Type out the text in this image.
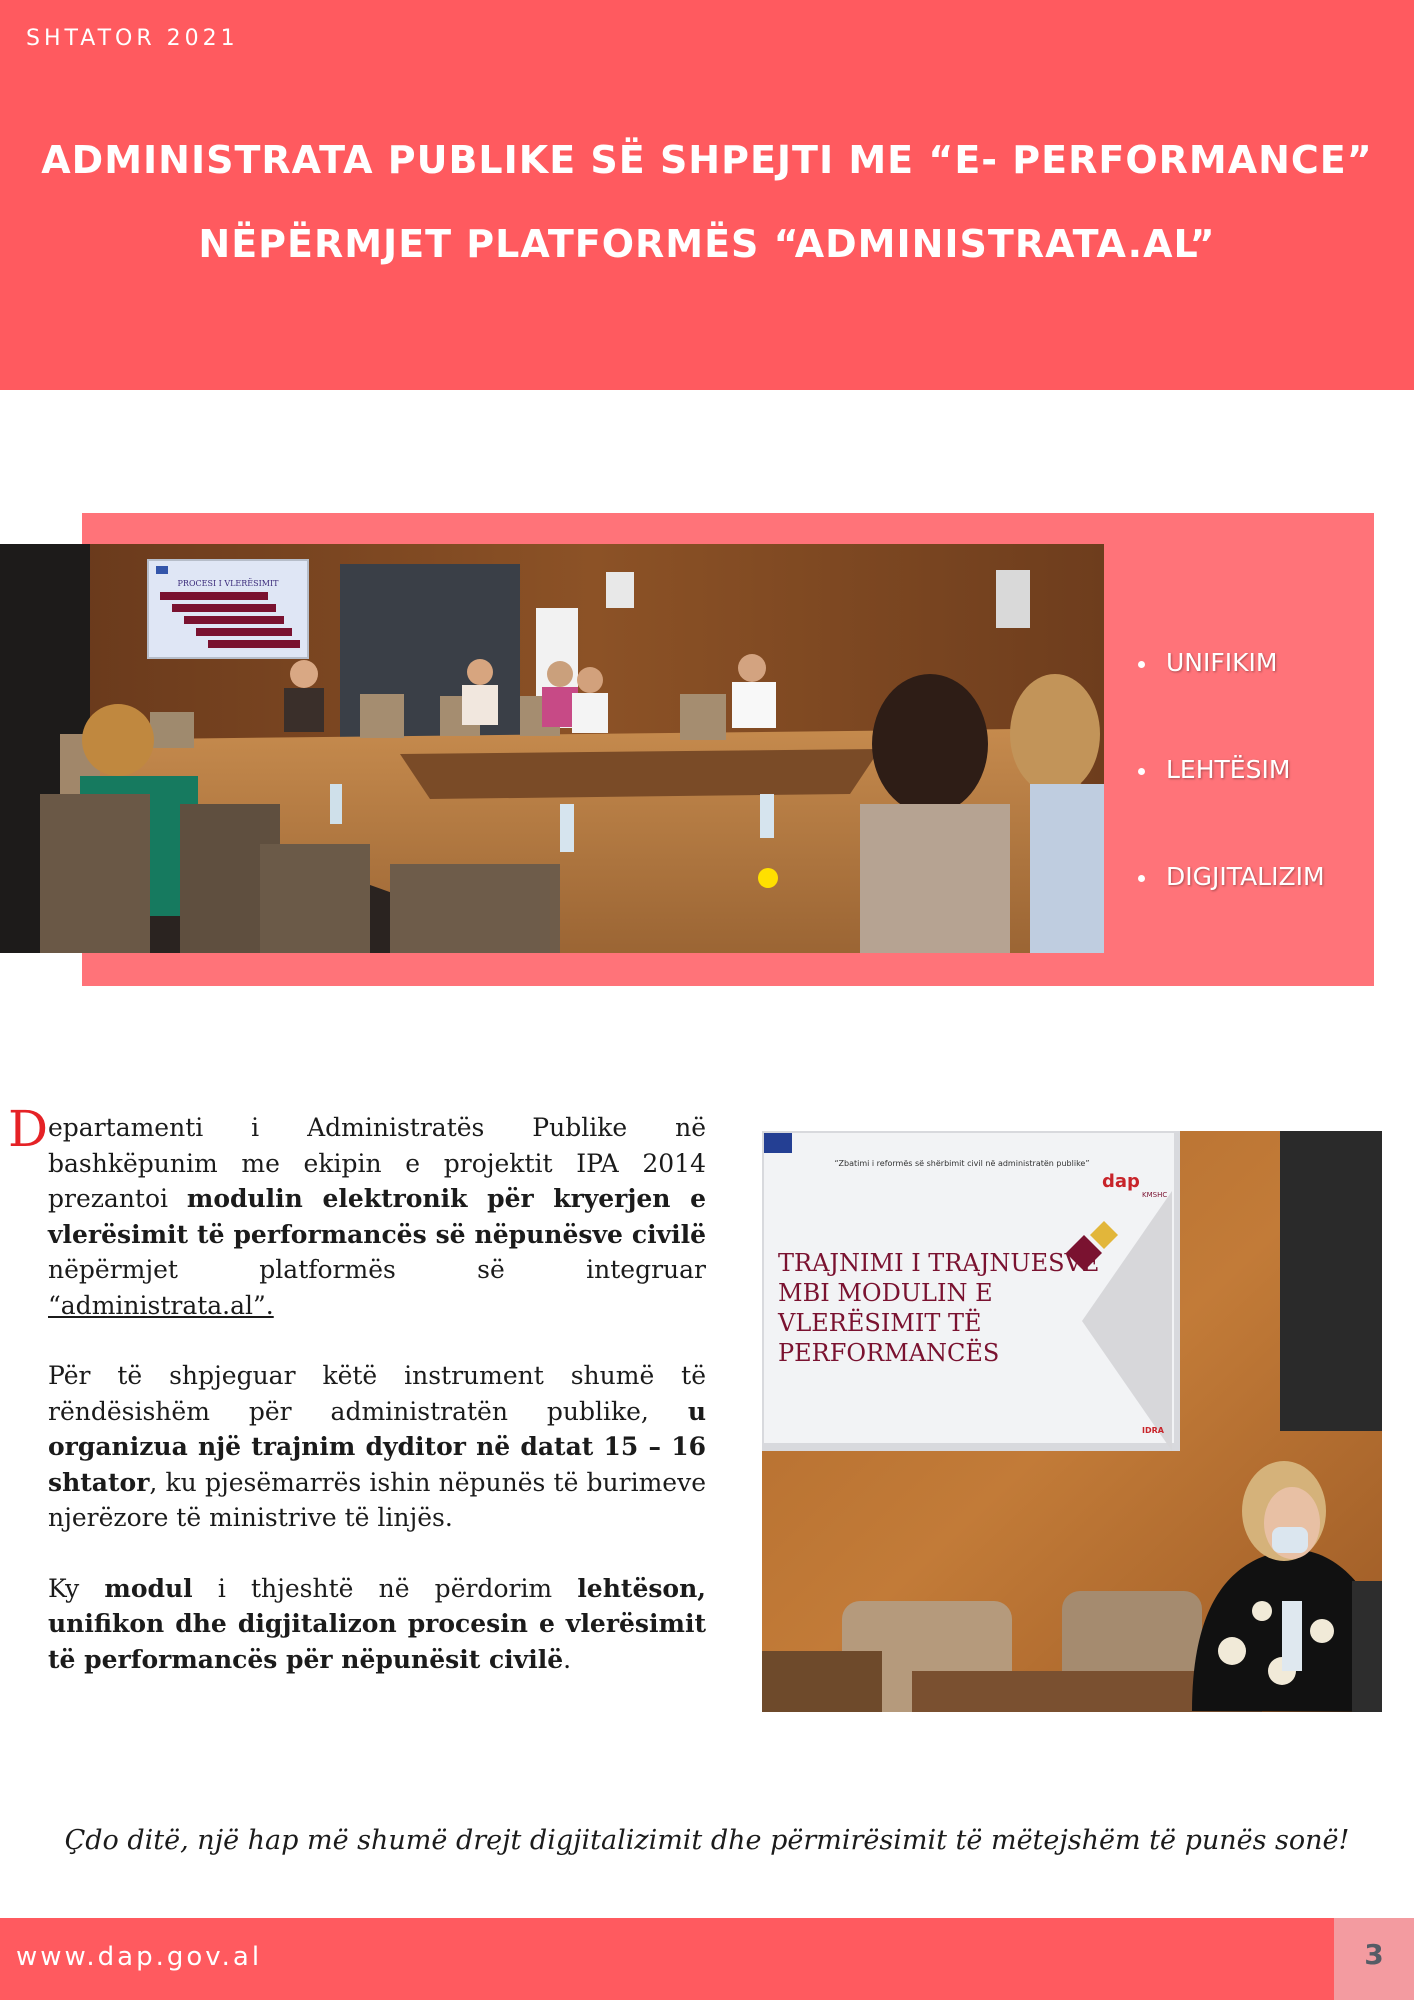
SHTATOR 2021
ADMINISTRATA PUBLIKE SË SHPEJTI ME “E- PERFORMANCE”
NËPËRMJET PLATFORMËS “ADMINISTRATA.AL”
PROCESI I VLERËSIMIT
UNIFIKIM
LEHTËSIM
DIGJITALIZIM

D epartamenti i Administratës Publike në bashkëpunim me ekipin e projektit IPA 2014 prezantoi modulin elektronik për kryerjen e vlerësimit të performancës së nëpunësve civilë nëpërmjet platformës së integruar “administrata.al”.

Për të shpjeguar këtë instrument shumë të rëndësishëm për administratën publike, u organizua një trajnim dyditor në datat 15 – 16 shtator, ku pjesëmarrës ishin nëpunës të burimeve njerëzore të ministrive të linjës.

Ky modul i thjeshtë në përdorim lehtëson, unifikon dhe digjitalizon procesin e vlerësimit të performancës për nëpunësit civilë.

“Zbatimi i reformës së shërbimit civil në administratën publike”
dap
KMSHC
TRAJNIMI I TRAJNUESVE
MBI MODULIN E
VLERËSIMIT TË
PERFORMANCËS
IDRA
Çdo ditë, një hap më shumë drejt digjitalizimit dhe përmirësimit të mëtejshëm të punës sonë!
www.dap.gov.al	3
